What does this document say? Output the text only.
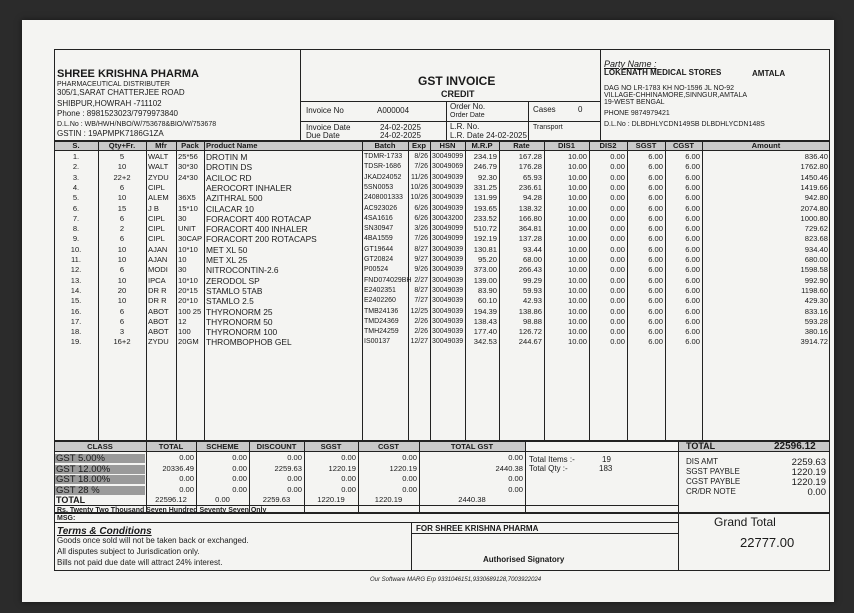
SHREE KRISHNA PHARMA
PHARMACEUTICAL DISTRIBUTER
305/1,SARAT CHATTERJEE ROAD
SHIBPUR,HOWRAH -711102
Phone : 8981523023/7979973840
D.L.No : WB/HWH/NBO/W/753678&BIO/W/753678
GSTIN : 19APMPK7186G1ZA
GST INVOICE
CREDIT
Invoice No	A000004
Invoice Date
Due Date
24-02-2025
24-02-2025
Order No.
Order Date
L.R. No.
L.R. Date 24-02-2025
Cases	0
Transport
Party Name :
LOKENATH MEDICAL STORES	AMTALA
DAG NO LR-1783 KH NO-1596 JL NO-92
VILLAGE-CHHINAMORE,SINNGUR,AMTALA
19-WEST BENGAL
PHONE 9874979421
D.L.No : DLBDHLYCDN149SB DLBDHLYCDN148S
S.	Qty+Fr.	Mfr	Pack Product Name	Batch	Exp	HSN	M.R.P	Rate	DIS1	DIS2	SGST	CGST	Amount
1.	5	WALT	25*56 DROTIN M	TDMR-1733	8/26 30049099	234.19	167.28	10.00	0.00	6.00	6.00	836.40
2.	10	WALT	30*30 DROTIN DS	TDSR-1686	7/26 30049069	246.79	176.28	10.00	0.00	6.00	6.00	1762.80
3.	22+2	ZYDU	24*30 ACILOC RD	JKAD24052	11/26 30049039	92.30	65.93	10.00	0.00	6.00	6.00	1450.46
4.	6	CIPL	AEROCORT INHALER	5SN0053	10/26 30049039	331.25	236.61	10.00	0.00	6.00	6.00	1419.66
5.	10	ALEM	36X5	AZITHRAL 500	2408001333	10/26 30049039	131.99	94.28	10.00	0.00	6.00	6.00	942.80
6.	15	J B	15*10 CILACAR 10	AC923026	6/26 30049039	193.65	138.32	10.00	0.00	6.00	6.00	2074.80
7.	6	CIPL	30	FORACORT 400 ROTACAP	4SA1616	6/26 30043200	233.52	166.80	10.00	0.00	6.00	6.00	1000.80
8.	2	CIPL	UNIT	FORACORT 400 INHALER	SN30947	3/26 30049099	510.72	364.81	10.00	0.00	6.00	6.00	729.62
9.	6	CIPL	30CAP FORACORT 200 ROTACAPS	4BA1559	7/26 30049099	192.19	137.28	10.00	0.00	6.00	6.00	823.68
10.	10	AJAN	10*10 MET XL 50	GT19644	8/27 30049039	130.81	93.44	10.00	0.00	6.00	6.00	934.40
11.	10	AJAN	10	MET XL 25	GT20824	9/27 30049039	95.20	68.00	10.00	0.00	6.00	6.00	680.00
12.	6	MODI	30	NITROCONTIN-2.6	P00524	9/26 30049039	373.00	266.43	10.00	0.00	6.00	6.00	1598.58
13.	10	IPCA	10*10 ZERODOL SP	FND074029BH 2/27 30049039	139.00	99.29	10.00	0.00	6.00	6.00	992.90
14.	20	DR R	20*15 STAMLO 5TAB	E2402351	8/27 30049039	83.90	59.93	10.00	0.00	6.00	6.00	1198.60
15.	10	DR R	20*10 STAMLO 2.5	E2402260	7/27 30049039	60.10	42.93	10.00	0.00	6.00	6.00	429.30
16.	6	ABOT	100 25 THYRONORM 25	TMB24136	12/25 30049039	194.39	138.86	10.00	0.00	6.00	6.00	833.16
17.	6	ABOT	12	THYRONORM 50	TMD24369	2/26 30049039	138.43	98.88	10.00	0.00	6.00	6.00	593.28
18.	3	ABOT	100	THYRONORM 100	TMH24259	2/26 30049039	177.40	126.72	10.00	0.00	6.00	6.00	380.16
19.	16+2	ZYDU	20GM THROMBOPHOB GEL	IS00137	12/27 30049039	342.53	244.67	10.00	0.00	6.00	6.00	3914.72
CLASS	TOTAL	SCHEME	DISCOUNT	SGST	CGST	TOTAL GST
GST 5.00%	0.00	0.00	0.00	0.00	0.00	0.00
GST 12.00%	20336.49	0.00	2259.63	1220.19	1220.19	2440.38
GST 18.00%	0.00	0.00	0.00	0.00	0.00	0.00
GST 28 %	0.00	0.00	0.00	0.00	0.00	0.00
TOTAL	22596.12	0.00	2259.63	1220.19	1220.19	2440.38
Total Items :-	19
Total Qty :-	183
TOTAL	22596.12
DIS AMT	2259.63
SGST PAYBLE	1220.19
CGST PAYBLE	1220.19
CR/DR NOTE	0.00
Rs. Twenty Two Thousand Seven Hundred Seventy Seven Only
MSG:
Terms & Conditions
Goods once sold will not be taken back or exchanged.
All disputes subject to Jurisdication only.
Bills not paid due date will attract 24% interest.
FOR SHREE KRISHNA PHARMA
Authorised Signatory
Grand Total
22777.00
Our Software MARG Erp 9331046151,9330689128,7003922024
